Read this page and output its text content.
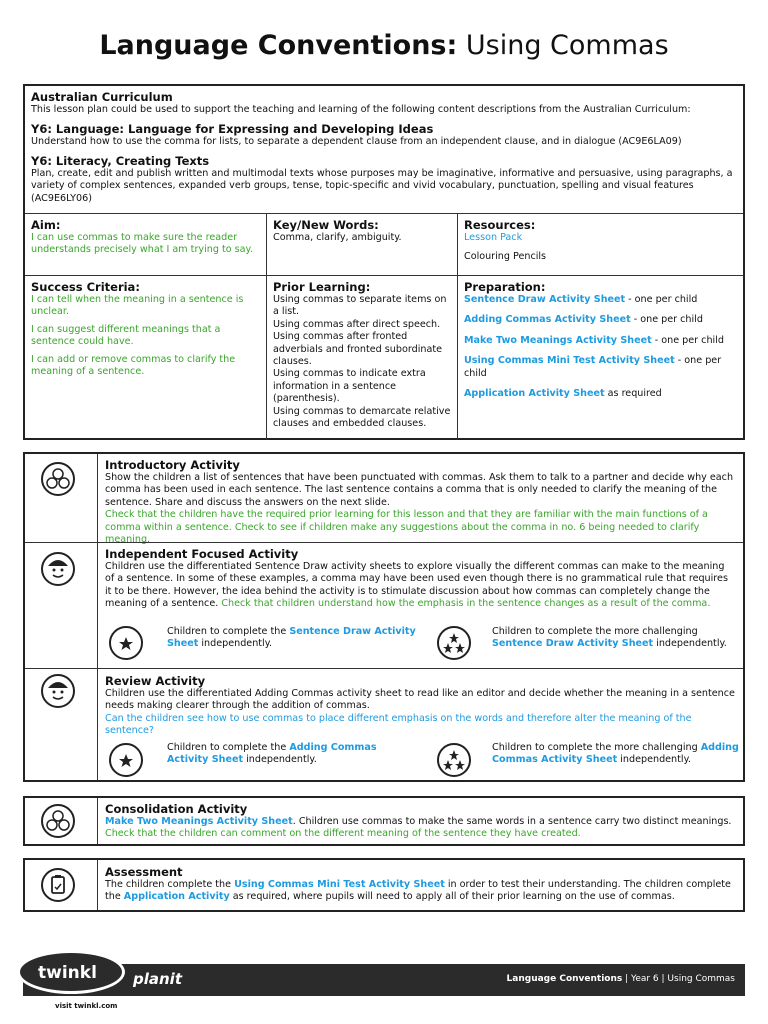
Language Conventions: Using Commas
Australian Curriculum
This lesson plan could be used to support the teaching and learning of the following content descriptions from the Australian Curriculum:
Y6: Language: Language for Expressing and Developing Ideas
Understand how to use the comma for lists, to separate a dependent clause from an independent clause, and in dialogue (AC9E6LA09)
Y6: Literacy, Creating Texts
Plan, create, edit and publish written and multimodal texts whose purposes may be imaginative, informative and persuasive, using paragraphs, a variety of complex sentences, expanded verb groups, tense, topic-specific and vivid vocabulary, punctuation, spelling and visual features (AC9E6LY06)
Aim:
I can use commas to make sure the reader understands precisely what I am trying to say.
Key/New Words:
Comma, clarify, ambiguity.
Resources:
Lesson Pack
Colouring Pencils
Success Criteria:

I can tell when the meaning in a sentence is unclear.

I can suggest different meanings that a sentence could have.

I can add or remove commas to clarify the meaning of a sentence.

Prior Learning:
Using commas to separate items on a list.
Using commas after direct speech.
Using commas after fronted adverbials and fronted subordinate clauses.
Using commas to indicate extra information in a sentence (parenthesis).
Using commas to demarcate relative clauses and embedded clauses.
Preparation:

Sentence Draw Activity Sheet - one per child

Adding Commas Activity Sheet - one per child

Make Two Meanings Activity Sheet - one per child

Using Commas Mini Test Activity Sheet - one per child

Application Activity Sheet as required

Introductory Activity
Show the children a list of sentences that have been punctuated with commas. Ask them to talk to a partner and decide why each comma has been used in each sentence. The last sentence contains a comma that is only needed to clarify the meaning of the sentence. Share and discuss the answers on the next slide.
Check that the children have the required prior learning for this lesson and that they are familiar with the main functions of a comma within a sentence. Check to see if children make any suggestions about the comma in no. 6 being needed to clarify meaning.
Independent Focused Activity
Children use the differentiated Sentence Draw activity sheets to explore visually the different commas can make to the meaning of a sentence. In some of these examples, a comma may have been used even though there is no grammatical rule that requires it to be there. However, the idea behind the activity is to stimulate discussion about how commas can completely change the meaning of a sentence. Check that children understand how the emphasis in the sentence changes as a result of the comma.
Children to complete the Sentence Draw Activity Sheet independently.
Children to complete the more challenging Sentence Draw Activity Sheet independently.
Review Activity
Children use the differentiated Adding Commas activity sheet to read like an editor and decide whether the meaning in a sentence needs making clearer through the addition of commas.
Can the children see how to use commas to place different emphasis on the words and therefore alter the meaning of the sentence?
Children to complete the Adding Commas Activity Sheet independently.
Children to complete the more challenging Adding Commas Activity Sheet independently.
Consolidation Activity
Make Two Meanings Activity Sheet. Children use commas to make the same words in a sentence carry two distinct meanings.
Check that the children can comment on the different meaning of the sentence they have created.
Assessment
The children complete the Using Commas Mini Test Activity Sheet in order to test their understanding. The children complete the Application Activity as required, where pupils will need to apply all of their prior learning on the use of commas.
twinkl planit	Language Conventions | Year 6 | Using Commas
visit twinkl.com
